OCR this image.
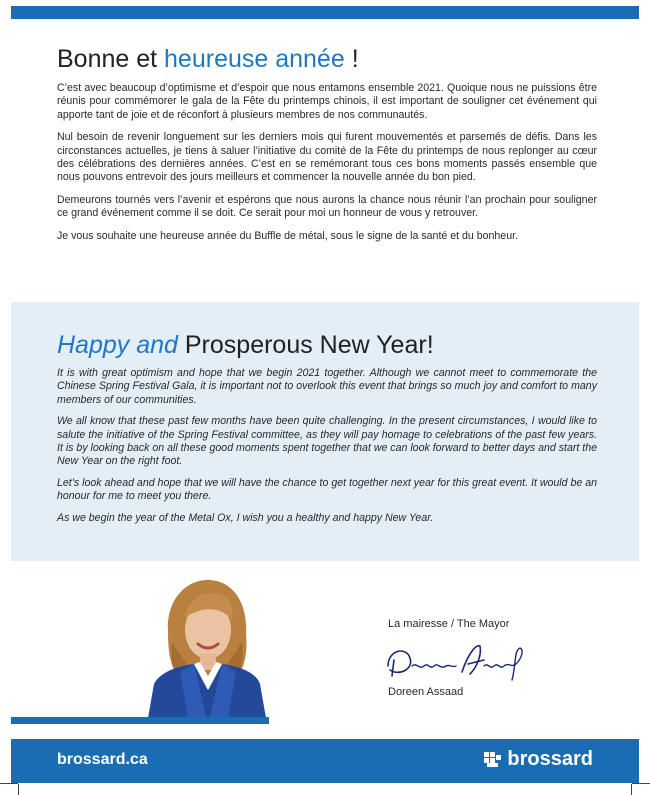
Bonne et heureuse année !

C’est avec beaucoup d’optimisme et d’espoir que nous entamons ensemble 2021. Quoique nous ne puissions être réunis pour commémorer le gala de la Fête du printemps chinois, il est important de souligner cet événement qui apporte tant de joie et de réconfort à plusieurs membres de nos communautés.

Nul besoin de revenir longuement sur les derniers mois qui furent mouvementés et parsemés de défis. Dans les circonstances actuelles, je tiens à saluer l’initiative du comité de la Fête du printemps de nous replonger au cœur des célébrations des dernières années. C’est en se remémorant tous ces bons moments passés ensemble que nous pouvons entrevoir des jours meilleurs et commencer la nouvelle année du bon pied.

Demeurons tournés vers l’avenir et espérons que nous aurons la chance nous réunir l’an prochain pour souligner ce grand événement comme il se doit. Ce serait pour moi un honneur de vous y retrouver.

Je vous souhaite une heureuse année du Buffle de métal, sous le signe de la santé et du bonheur.

Happy and Prosperous New Year!

It is with great optimism and hope that we begin 2021 together. Although we cannot meet to commemorate the Chinese Spring Festival Gala, it is important not to overlook this event that brings so much joy and comfort to many members of our communities.

We all know that these past few months have been quite challenging. In the present circumstances, I would like to salute the initiative of the Spring Festival committee, as they will pay homage to celebrations of the past few years. It is by looking back on all these good moments spent together that we can look forward to better days and start the New Year on the right foot.

Let’s look ahead and hope that we will have the chance to get together next year for this great event. It would be an honour for me to meet you there.

As we begin the year of the Metal Ox, I wish you a healthy and happy New Year.

La mairesse / The Mayor
Doreen Assaad
brossard.ca	brossard
